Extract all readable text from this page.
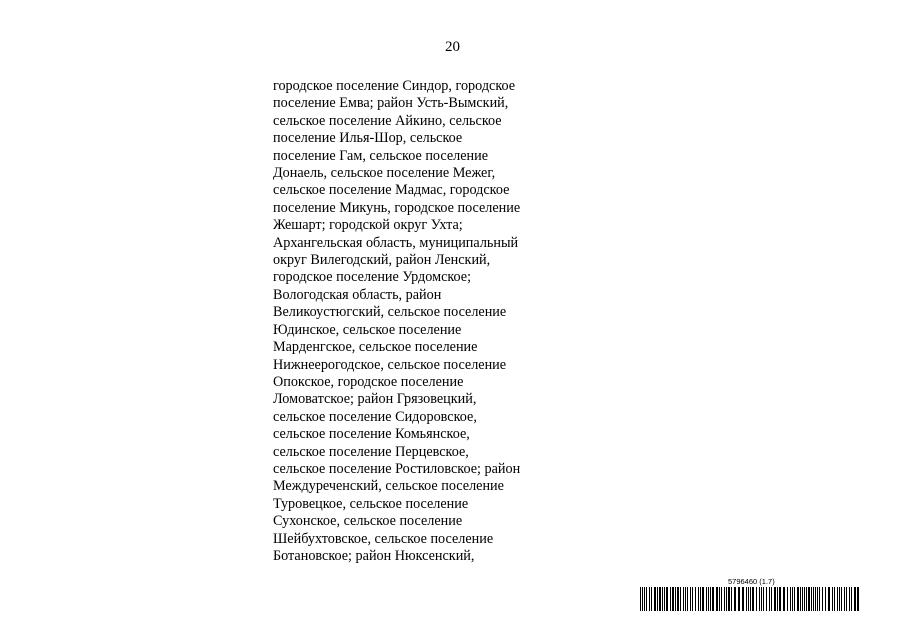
20
городское поселение Синдор, городское
поселение Емва; район Усть-Вымский,
сельское поселение Айкино, сельское
поселение Илья-Шор, сельское
поселение Гам, сельское поселение
Донаель, сельское поселение Межег,
сельское поселение Мадмас, городское
поселение Микунь, городское поселение
Жешарт; городской округ Ухта;
Архангельская область, муниципальный
округ Вилегодский, район Ленский,
городское поселение Урдомское;
Вологодская область, район
Великоустюгский, сельское поселение
Юдинское, сельское поселение
Марденгское, сельское поселение
Нижнеерогодское, сельское поселение
Опокское, городское поселение
Ломоватское; район Грязовецкий,
сельское поселение Сидоровское,
сельское поселение Комьянское,
сельское поселение Перцевское,
сельское поселение Ростиловское; район
Междуреченский, сельское поселение
Туровецкое, сельское поселение
Сухонское, сельское поселение
Шейбухтовское, сельское поселение
Ботановское; район Нюксенский,
5796460 (1.7)
